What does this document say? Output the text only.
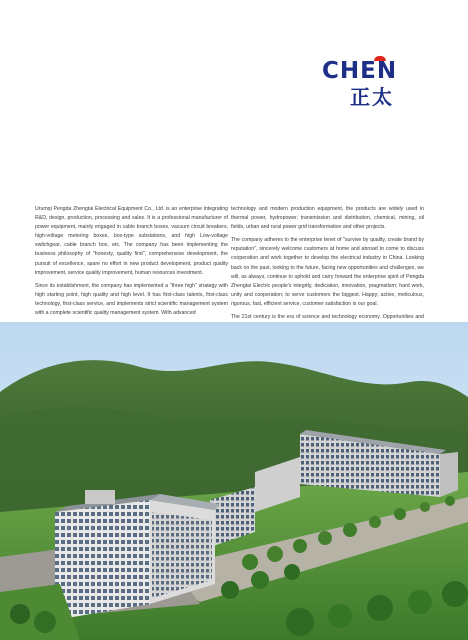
CHEN
正太

Urumqi Pengda Zhengtai Electrical Equipment Co., Ltd. is an enterprise integrating R&D, design, production, processing and sales. It is a professional manufacturer of power equipment, mainly engaged in cable branch boxes, vacuum circuit breakers, high-voltage metering boxes, box-type substations, and high Low-voltage switchgear, cable branch box, etc. The company has been implementing the business philosophy of "honesty, quality first", comprehensive development, the pursuit of excellence, spare no effort in new product development, product quality improvement, service quality improvement, human resources investment.

Since its establishment, the company has implemented a "three high" strategy with high starting point, high quality and high level. It has first-class talents, first-class technology, first-class service, and implements strict scientific management system with a complete scientific quality management system. With advanced

technology and modern production equipment, the products are widely used in thermal power, hydropower, transmission and distribution, chemical, mining, oil fields, urban and rural power grid transformation and other projects.

The company adheres to the enterprise tenet of "survive by quality, create brand by reputation", sincerely welcome customers at home and abroad to come to discuss cooperation and work together to develop the electrical industry in China. Looking back on the past, looking to the future, facing new opportunities and challenges, we will, as always, continue to uphold and carry forward the enterprise spirit of Pengda Zhengtai Electric people's integrity, dedication, innovation, pragmatism; hard work, unity and cooperation; to serve customers the biggest. Happy; active, meticulous, rigorous, fast, efficient service, customer satisfaction is our goal.

The 21st century is the era of science and technology economy. Opportunities and
